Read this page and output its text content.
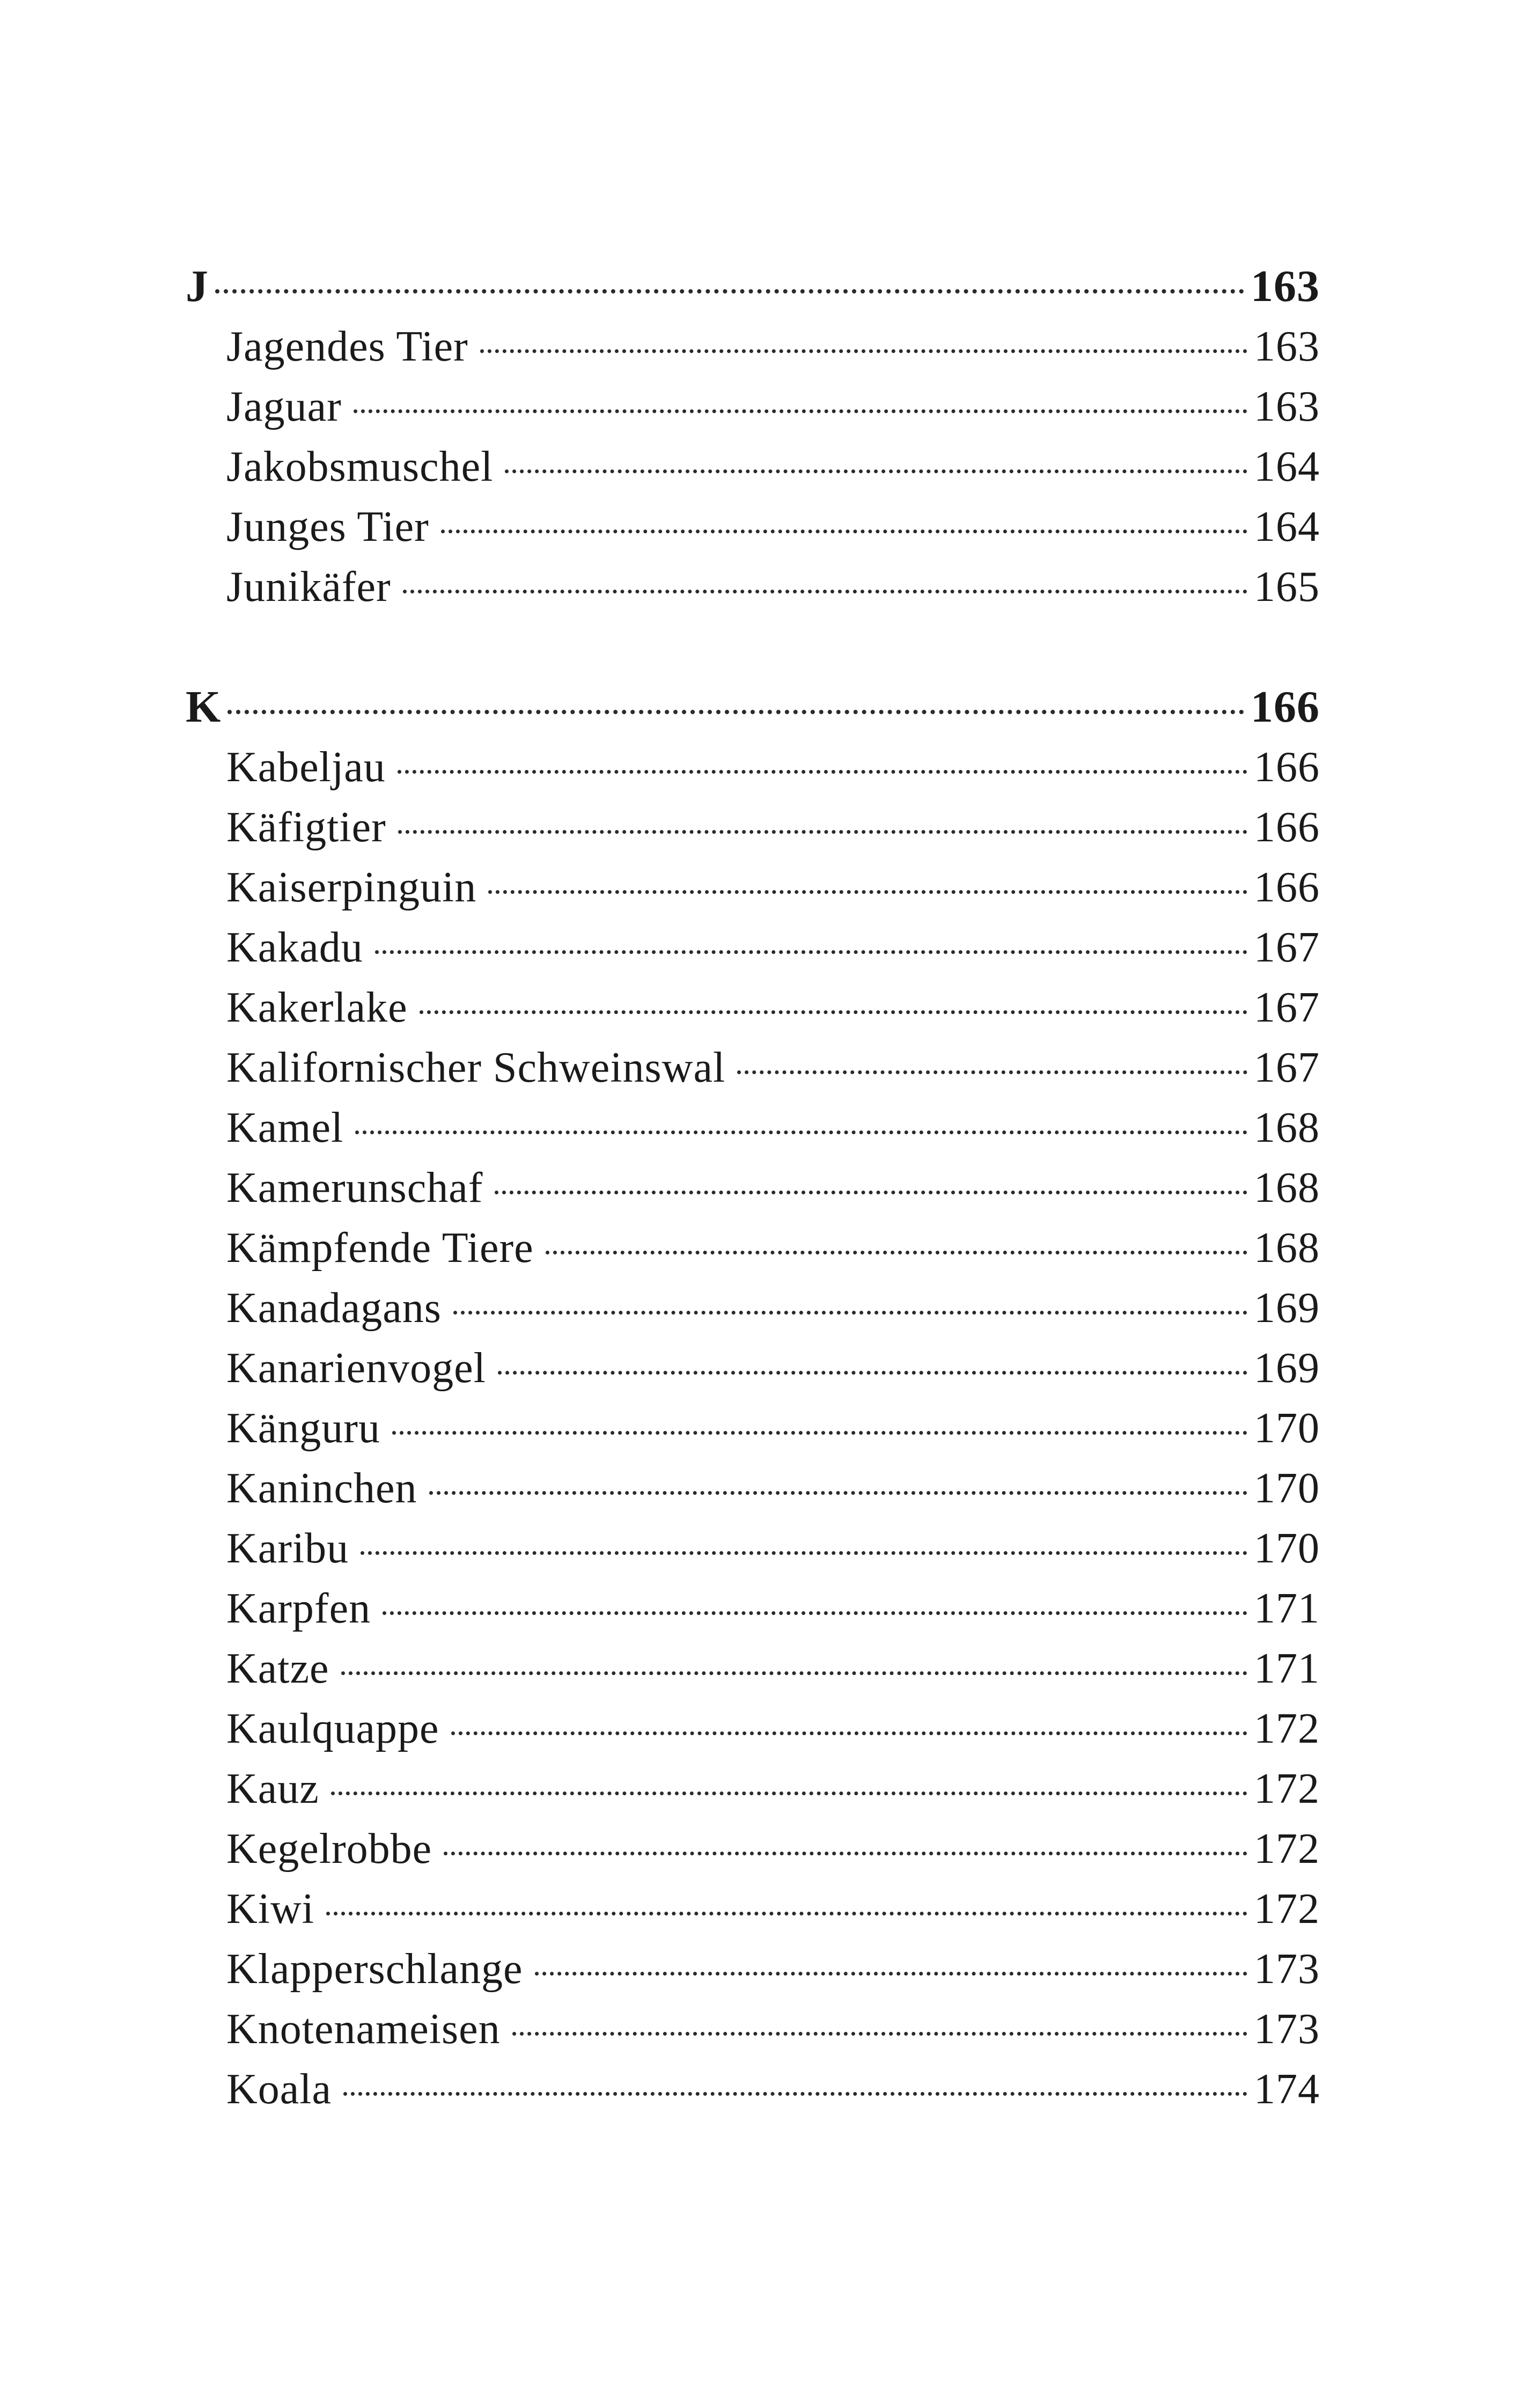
J	163
Jagendes Tier	163
Jaguar	163
Jakobsmuschel	164
Junges Tier	164
Junikäfer	165
K	166
Kabeljau	166
Käfigtier	166
Kaiserpinguin	166
Kakadu	167
Kakerlake	167
Kalifornischer Schweinswal	167
Kamel	168
Kamerunschaf	168
Kämpfende Tiere	168
Kanadagans	169
Kanarienvogel	169
Känguru	170
Kaninchen	170
Karibu	170
Karpfen	171
Katze	171
Kaulquappe	172
Kauz	172
Kegelrobbe	172
Kiwi	172
Klapperschlange	173
Knotenameisen	173
Koala	174
